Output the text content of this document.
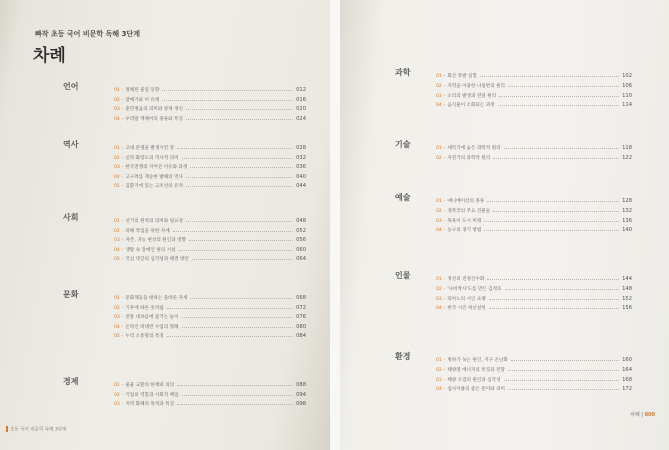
빠작 초등 국어 비문학 독해 3단계
차례
언어	01 · 정체된 물질 동향	012
02 · 갈매기와 이 유래	016
03 · 훈민정음의 의미와 창제 정신	020
04 · 우리말 액체어의 종류와 특징	024
역사	01 · 고대 문명을 발생시킨 강	028
02 · 신라 화랑도의 역사적 의미	032
03 · 한국전쟁의 지어진 이유와 과정	036
04 · 고구려를 계승한 발해의 역사	040
05 · 김환기에 있는 고조선의 유적	044
사회	01 · 선거의 원칙의 의미와 필요성	048
02 · 피해 작업을 위한 자세	052
03 · 자존, 귀농 현상의 원인과 영향	056
04 · 생활 속 장애인 편의 시설	060
05 · 국심 댓글의 심각성과 해결 방안	064
문화	01 · 문화재들을 대하는 올바른 자세	068
02 · 기후에 따른 옷차림	072
03 · 전통 대보름에 즐기는 놀이	076
04 · 온라인 비대면 수업의 형태	080
05 · 누리 소통망의 특징	084
경제	01 · 물물 교환의 한계와 의의	088
02 · 기업의 역할과 사회적 책임	094
03 · 지역 화폐의 목적과 특징	098
초등 국어 비문학 독해 3단계
과학	01 · 화산 폭발 실험	102
02 · 지역을 이용한 나침반의 원리	106
03 · 소리의 발생과 전달 원리	110
04 · 음식물이 소화되는 과정	114
기술	01 · 세탁기에 숨은 과학적 원리	118
02 · 자전거의 과학적 원리	122
예술	01 · 애니메이션의 종류	128
02 · 경복궁의 주요 건물들	132
03 · 목욕이 도시 미래	136
04 · 농구의 경기 방법	140
인물	01 · 정선의 진경산수화	144
02 · '나비박사'도를 만든 김정호	148
03 · 피아노의 시인 쇼팽	152
04 · 한국 시인 허난설헌	156
환경	01 · 빙하가 녹는 원인, 지구 온난화	160
02 · 태양열 에너지의 특징과 전망	164
03 · 해양 오염의 원인과 심각성	168
04 · 업사이클의 좋은 문이와 의미	172
차례 | 009
